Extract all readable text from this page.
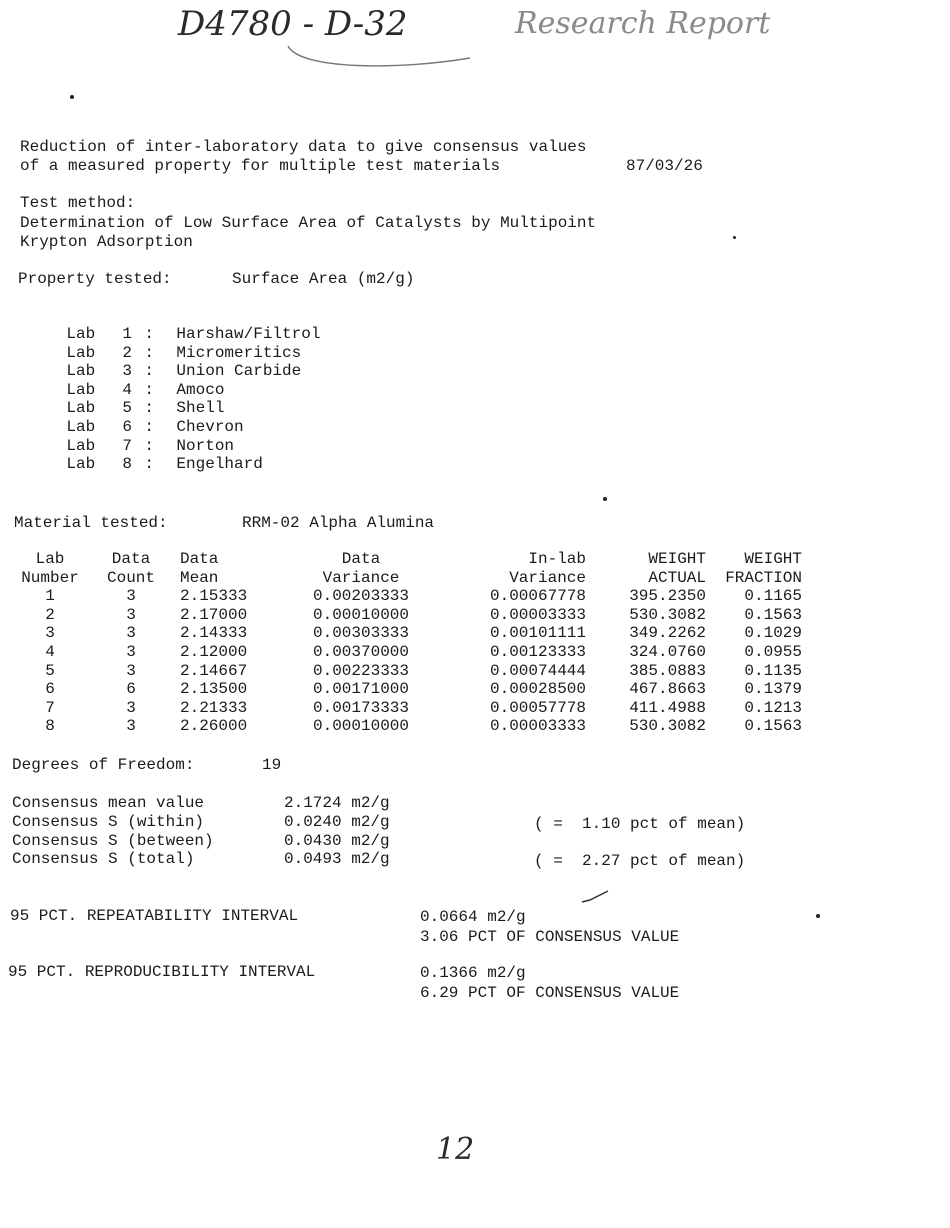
D4780 - D-32	Research Report
Reduction of inter-laboratory data to give consensus values
of a measured property for multiple test materials	87/03/26
Test method:
Determination of Low Surface Area of Catalysts by Multipoint
Krypton Adsorption
Property tested:	Surface Area (m2/g)

Lab 1 : Harshaw/Filtrol

Lab 2 : Micromeritics

Lab 3 : Union Carbide

Lab 4 : Amoco

Lab 5 : Shell

Lab 6 : Chevron

Lab 7 : Norton

Lab 8 : Engelhard

Material tested:	RRM-02 Alpha Alumina
Lab	Data	Data	Data	In-lab	WEIGHT	WEIGHT
Number	Count	Mean	Variance	Variance	ACTUAL	FRACTION
1	3	2.15333	0.00203333	0.00067778	395.2350	0.1165
2	3	2.17000	0.00010000	0.00003333	530.3082	0.1563
3	3	2.14333	0.00303333	0.00101111	349.2262	0.1029
4	3	2.12000	0.00370000	0.00123333	324.0760	0.0955
5	3	2.14667	0.00223333	0.00074444	385.0883	0.1135
6	6	2.13500	0.00171000	0.00028500	467.8663	0.1379
7	3	2.21333	0.00173333	0.00057778	411.4988	0.1213
8	3	2.26000	0.00010000	0.00003333	530.3082	0.1563
Degrees of Freedom:	19
Consensus mean value	2.1724 m2/g
Consensus S (within)	0.0240 m2/g	( =  1.10 pct of mean)
Consensus S (between)	0.0430 m2/g
Consensus S (total)	0.0493 m2/g	( =  2.27 pct of mean)
95 PCT. REPEATABILITY INTERVAL	0.0664 m2/g
3.06 PCT OF CONSENSUS VALUE
95 PCT. REPRODUCIBILITY INTERVAL	0.1366 m2/g
6.29 PCT OF CONSENSUS VALUE
12
